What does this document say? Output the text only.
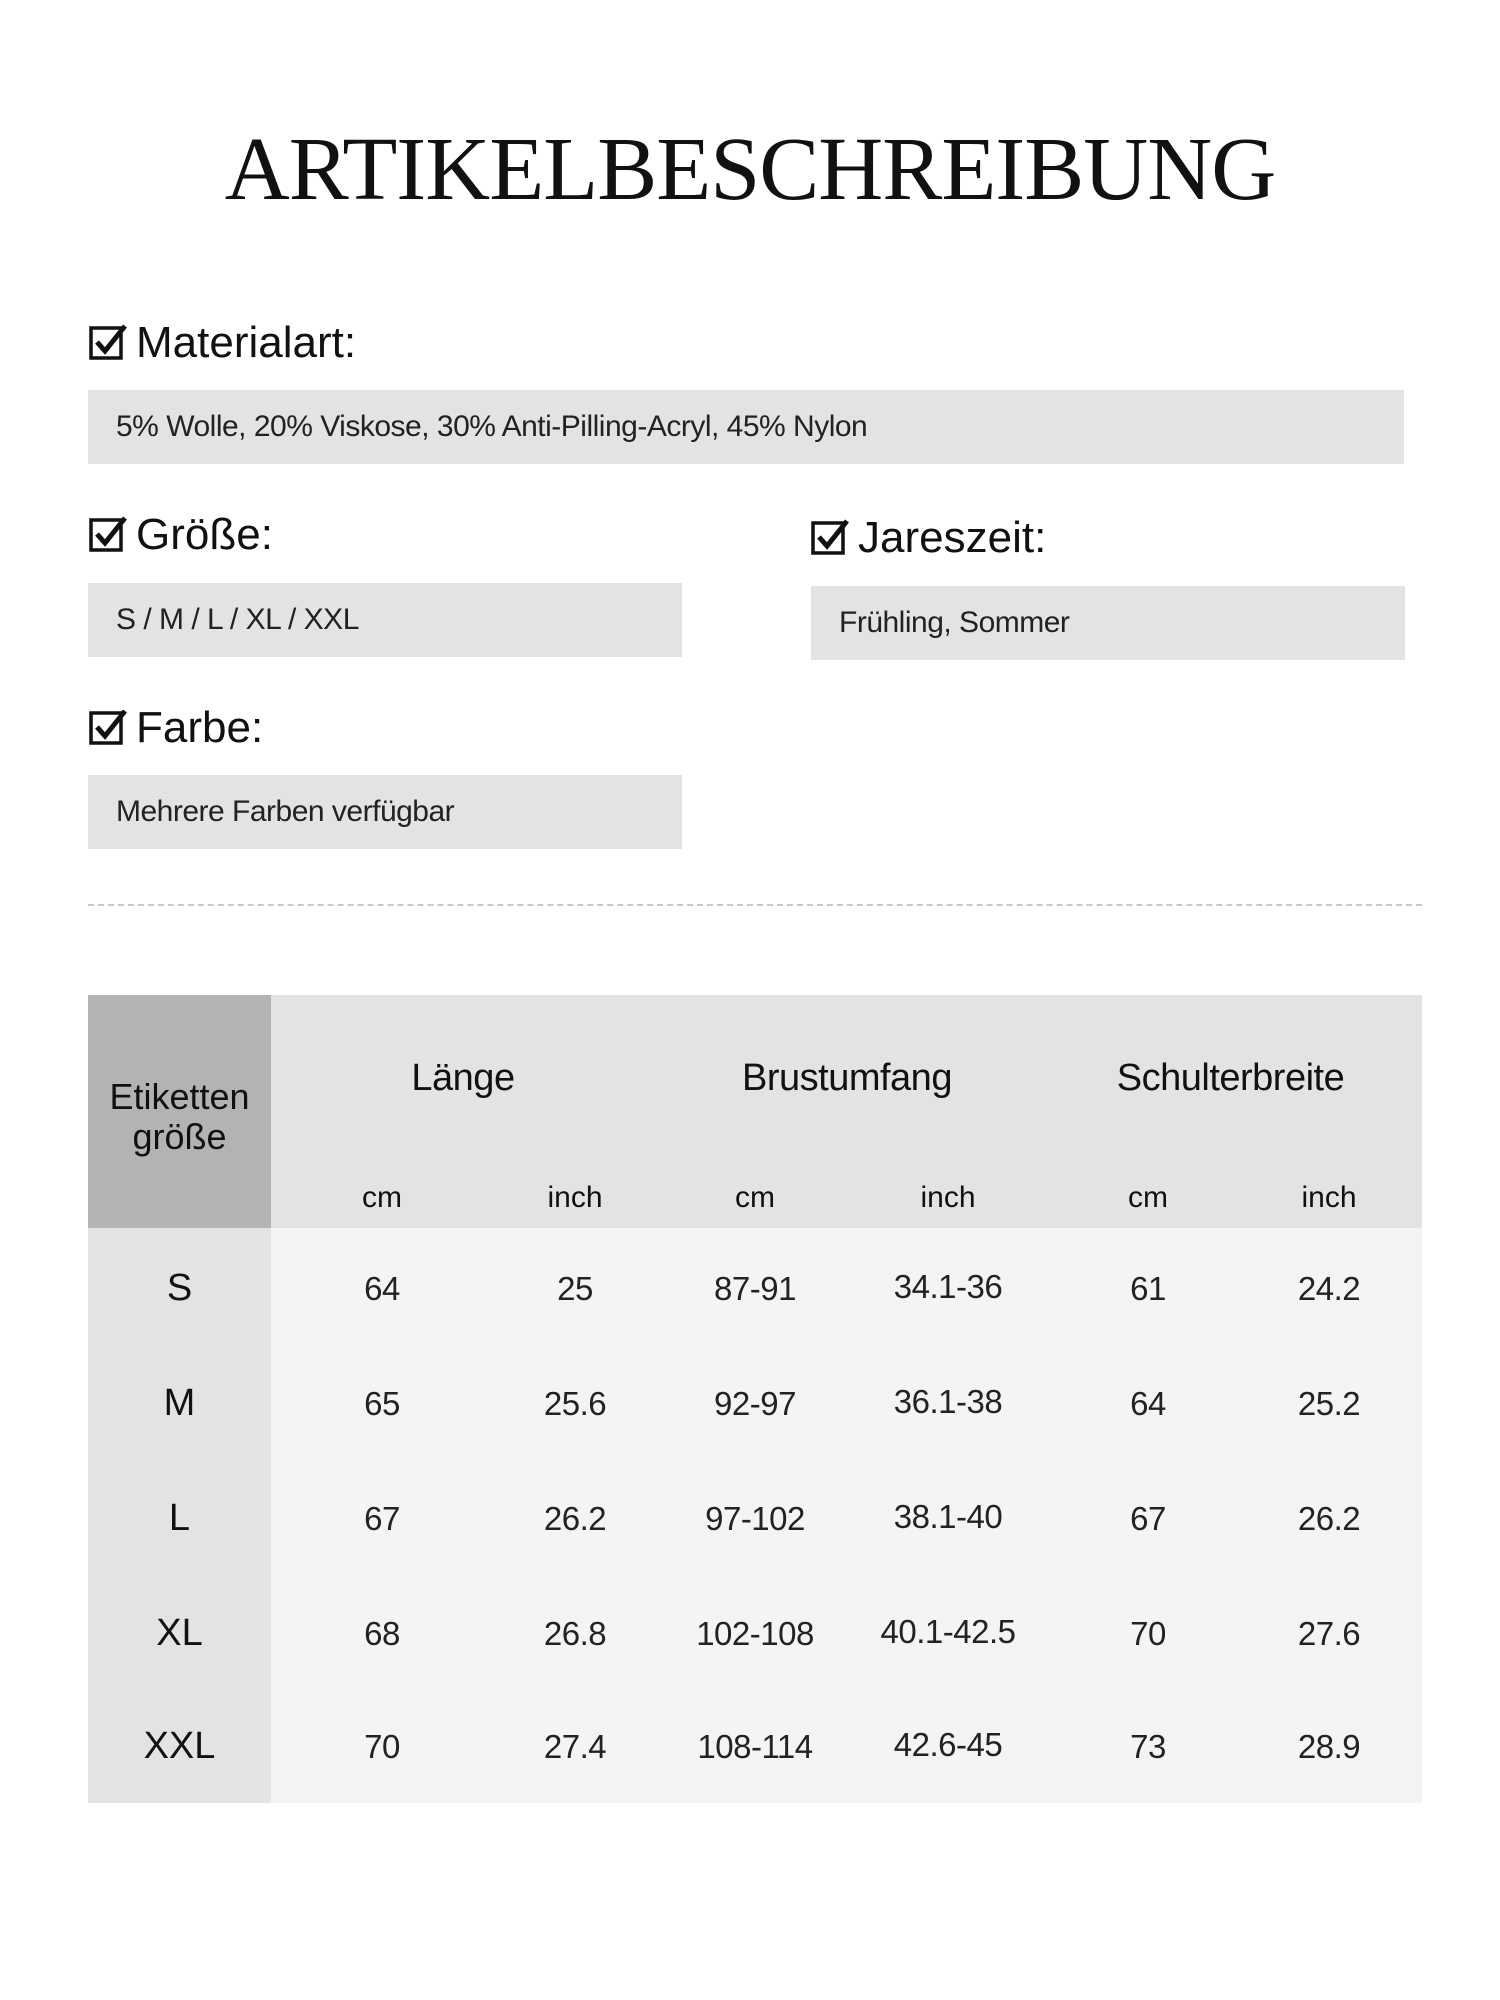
ARTIKELBESCHREIBUNG
Materialart:
5% Wolle, 20% Viskose, 30% Anti-Pilling-Acryl, 45% Nylon
Größe:
S / M / L / XL / XXL
Jareszeit:
Frühling, Sommer
Farbe:
Mehrere Farben verfügbar
Etiketten größe
Länge	Brustumfang	Schulterbreite
cm	inch	cm	inch	cm	inch
S	64	25	87-91	34.1-36	61	24.2
M	65	25.6	92-97	36.1-38	64	25.2
L	67	26.2	97-102	38.1-40	67	26.2
XL	68	26.8	102-108	40.1-42.5	70	27.6
XXL	70	27.4	108-114	42.6-45	73	28.9
